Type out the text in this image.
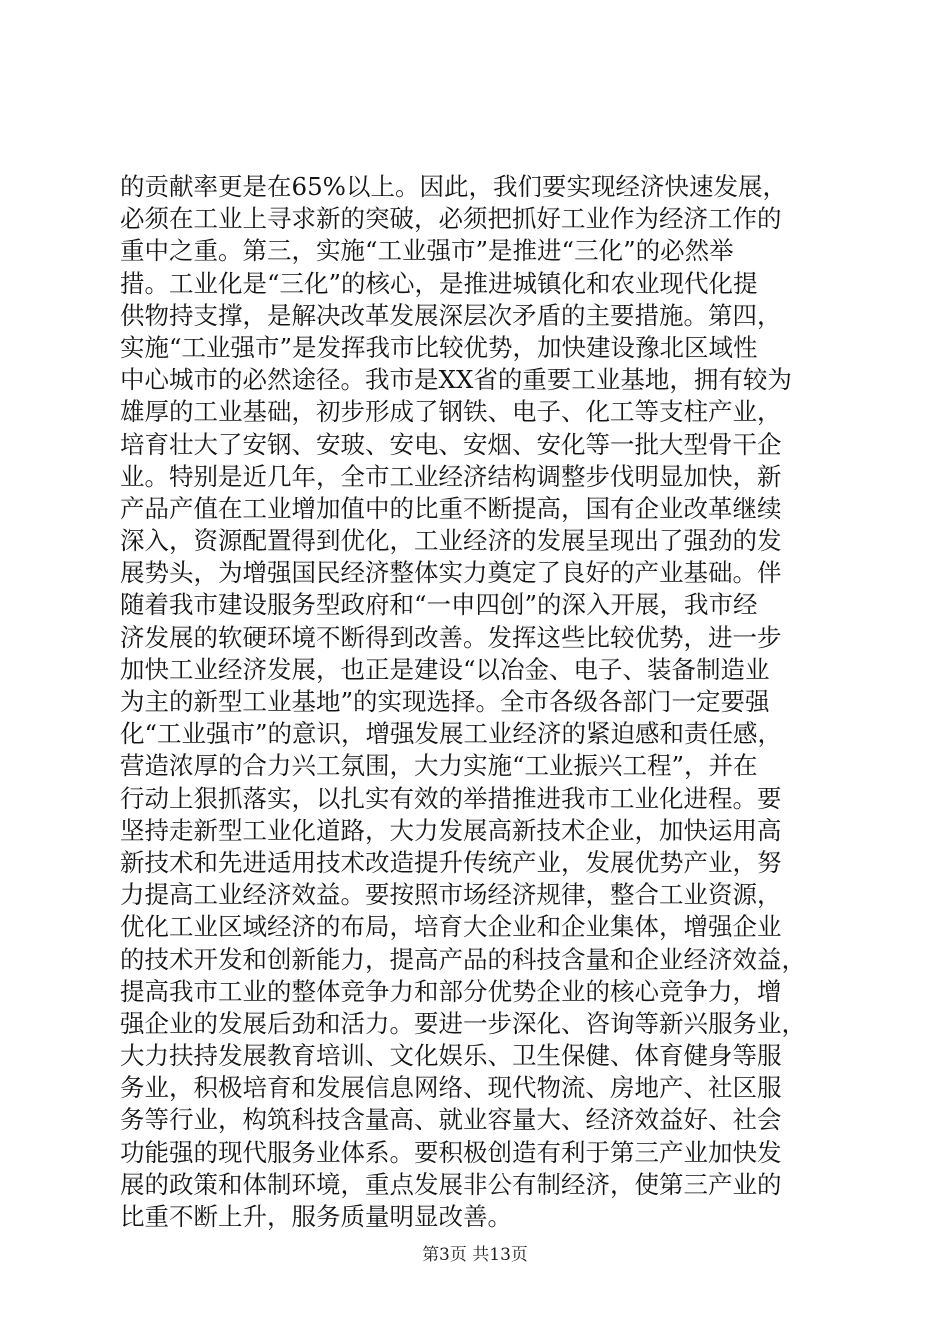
的贡献率更是在65%以上。因此，我们要实现经济快速发展，
必须在工业上寻求新的突破，必须把抓好工业作为经济工作的
重中之重。第三，实施“工业强市”是推进“三化”的必然举
措。工业化是“三化”的核心，是推进城镇化和农业现代化提
供物持支撑，是解决改革发展深层次矛盾的主要措施。第四，
实施“工业强市”是发挥我市比较优势，加快建设豫北区域性
中心城市的必然途径。我市是XX省的重要工业基地，拥有较为
雄厚的工业基础，初步形成了钢铁、电子、化工等支柱产业，
培育壮大了安钢、安玻、安电、安烟、安化等一批大型骨干企
业。特别是近几年，全市工业经济结构调整步伐明显加快，新
产品产值在工业增加值中的比重不断提高，国有企业改革继续
深入，资源配置得到优化，工业经济的发展呈现出了强劲的发
展势头，为增强国民经济整体实力奠定了良好的产业基础。伴
随着我市建设服务型政府和“一申四创”的深入开展，我市经
济发展的软硬环境不断得到改善。发挥这些比较优势，进一步
加快工业经济发展，也正是建设“以冶金、电子、装备制造业
为主的新型工业基地”的实现选择。全市各级各部门一定要强
化“工业强市”的意识，增强发展工业经济的紧迫感和责任感，
营造浓厚的合力兴工氛围，大力实施“工业振兴工程”，并在
行动上狠抓落实，以扎实有效的举措推进我市工业化进程。要
坚持走新型工业化道路，大力发展高新技术企业，加快运用高
新技术和先进适用技术改造提升传统产业，发展优势产业，努
力提高工业经济效益。要按照市场经济规律，整合工业资源，
优化工业区域经济的布局，培育大企业和企业集体，增强企业
的技术开发和创新能力，提高产品的科技含量和企业经济效益，
提高我市工业的整体竞争力和部分优势企业的核心竞争力，增
强企业的发展后劲和活力。要进一步深化、咨询等新兴服务业，
大力扶持发展教育培训、文化娱乐、卫生保健、体育健身等服
务业，积极培育和发展信息网络、现代物流、房地产、社区服
务等行业，构筑科技含量高、就业容量大、经济效益好、社会
功能强的现代服务业体系。要积极创造有利于第三产业加快发
展的政策和体制环境，重点发展非公有制经济，使第三产业的
比重不断上升，服务质量明显改善。
第3页 共13页
